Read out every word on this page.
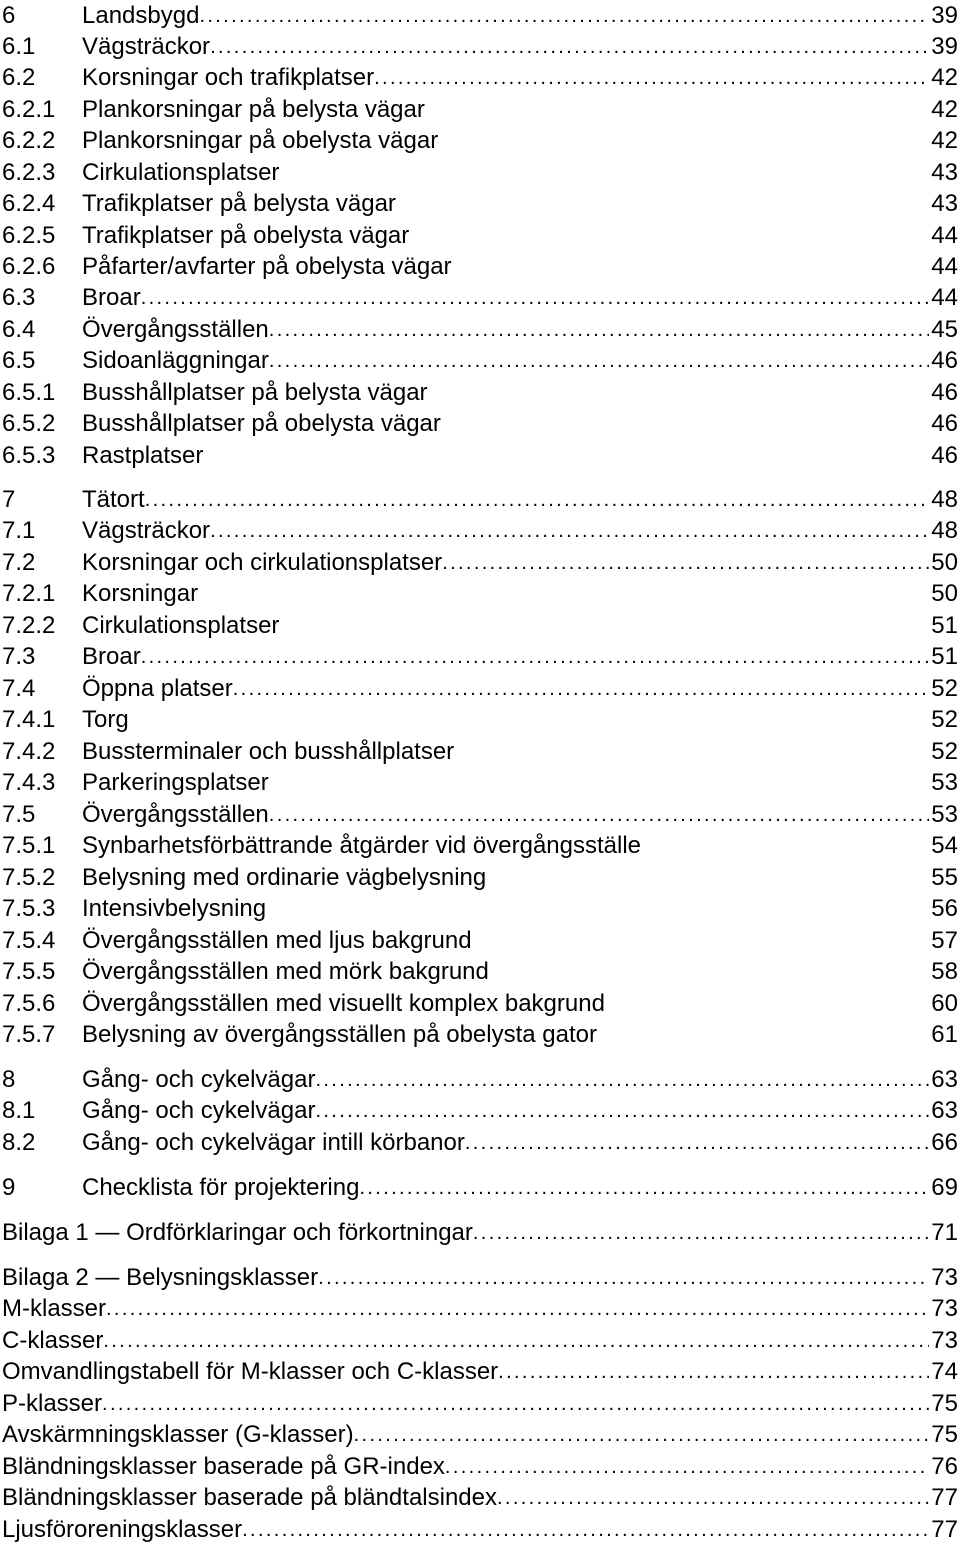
6	Landsbygd . . .	39
6.1	Vägsträckor . . .	39
6.2	Korsningar och trafikplatser . . .	42
6.2.1	Plankorsningar på belysta vägar	42
6.2.2	Plankorsningar på obelysta vägar	42
6.2.3	Cirkulationsplatser	43
6.2.4	Trafikplatser på belysta vägar	43
6.2.5	Trafikplatser på obelysta vägar	44
6.2.6	Påfarter/avfarter på obelysta vägar	44
6.3	Broar . . .	44
6.4	Övergångsställen . . .	45
6.5	Sidoanläggningar . . .	46
6.5.1	Busshållplatser på belysta vägar	46
6.5.2	Busshållplatser på obelysta vägar	46
6.5.3	Rastplatser	46
7	Tätort . . .	48
7.1	Vägsträckor . . .	48
7.2	Korsningar och cirkulationsplatser . . .	50
7.2.1	Korsningar	50
7.2.2	Cirkulationsplatser	51
7.3	Broar . . .	51
7.4	Öppna platser . . .	52
7.4.1	Torg	52
7.4.2	Bussterminaler och busshållplatser	52
7.4.3	Parkeringsplatser	53
7.5	Övergångsställen . . .	53
7.5.1	Synbarhetsförbättrande åtgärder vid övergångsställe	54
7.5.2	Belysning med ordinarie vägbelysning	55
7.5.3	Intensivbelysning	56
7.5.4	Övergångsställen med ljus bakgrund	57
7.5.5	Övergångsställen med mörk bakgrund	58
7.5.6	Övergångsställen med visuellt komplex bakgrund	60
7.5.7	Belysning av övergångsställen på obelysta gator	61
8	Gång- och cykelvägar . . .	63
8.1	Gång- och cykelvägar . . .	63
8.2	Gång- och cykelvägar intill körbanor . . .	66
9	Checklista för projektering . . .	69
Bilaga 1 — Ordförklaringar och förkortningar . . .	71
Bilaga 2 — Belysningsklasser . . .	73
M-klasser . . .	73
C-klasser . . .	73
Omvandlingstabell för M-klasser och C-klasser . . .	74
P-klasser . . .	75
Avskärmningsklasser (G-klasser) . . .	75
Bländningsklasser baserade på GR-index . . .	76
Bländningsklasser baserade på bländtalsindex . . .	77
Ljusföroreningsklasser . . .	77
